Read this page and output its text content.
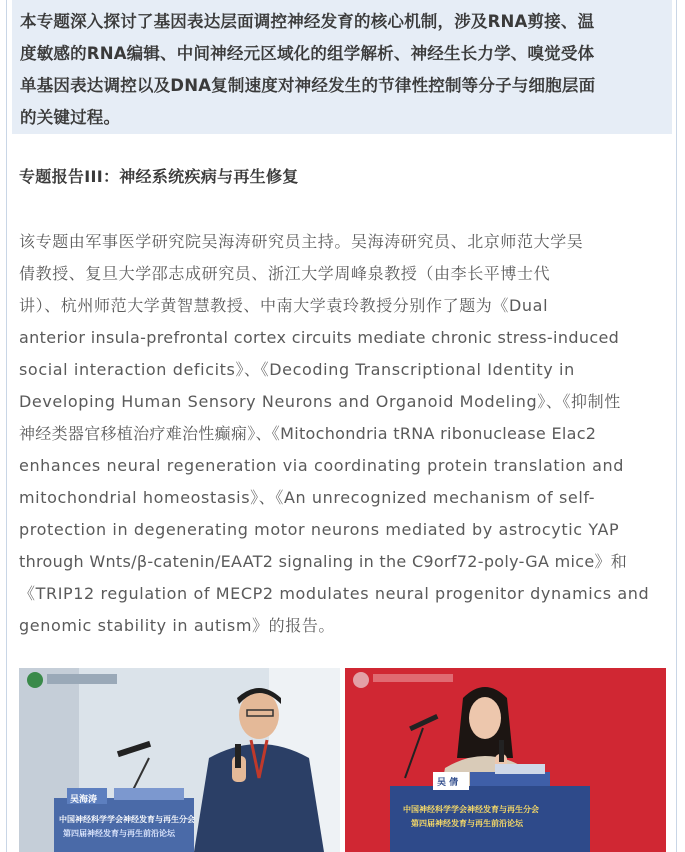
本专题深入探讨了基因表达层面调控神经发育的核心机制，涉及RNA剪接、温
度敏感的RNA编辑、中间神经元区域化的组学解析、神经生长力学、嗅觉受体
单基因表达调控以及DNA复制速度对神经发生的节律性控制等分子与细胞层面
的关键过程。
专题报告III：神经系统疾病与再生修复
该专题由军事医学研究院吴海涛研究员主持。吴海涛研究员、北京师范大学吴
倩教授、复旦大学邵志成研究员、浙江大学周峰泉教授（由李长平博士代
讲）、杭州师范大学黄智慧教授、中南大学袁玲教授分别作了题为《Dual
anterior insula-prefrontal cortex circuits mediate chronic stress-induced
social interaction deficits》、《Decoding Transcriptional Identity in
Developing Human Sensory Neurons and Organoid Modeling》、《抑制性
神经类器官移植治疗难治性癫痫》、《Mitochondria tRNA ribonuclease Elac2
enhances neural regeneration via coordinating protein translation and
mitochondrial homeostasis》、《An unrecognized mechanism of self-
protection in degenerating motor neurons mediated by astrocytic YAP
through Wnts/β-catenin/EAAT2 signaling in the C9orf72-poly-GA mice》和
《TRIP12 regulation of MECP2 modulates neural progenitor dynamics and
genomic stability in autism》的报告。
吴海涛
中国神经科学学会神经发育与再生分会
第四届神经发育与再生前沿论坛
吴 倩
中国神经科学学会神经发育与再生分会
第四届神经发育与再生前沿论坛
